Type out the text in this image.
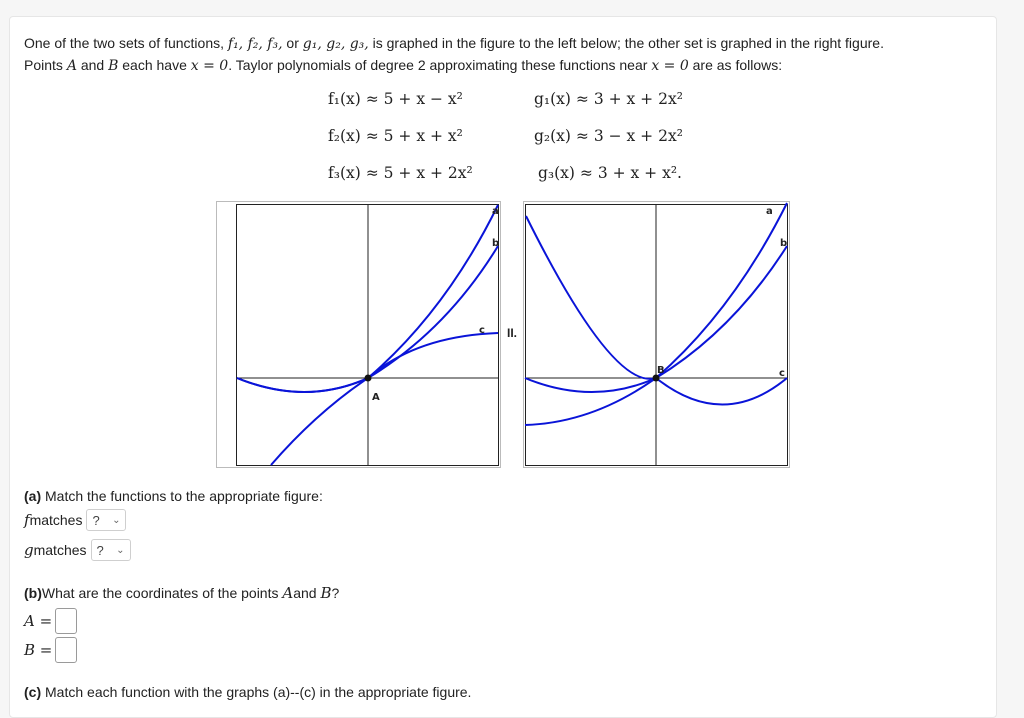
One of the two sets of functions, f₁, f₂, f₃, or g₁, g₂, g₃, is graphed in the figure to the left below; the other set is graphed in the right figure.
Points A and B each have x = 0. Taylor polynomials of degree 2 approximating these functions near x = 0 are as follows:
f₁(x) ≈ 5 + x − x²
f₂(x) ≈ 5 + x + x²
f₃(x) ≈ 5 + x + 2x²
g₁(x) ≈ 3 + x + 2x²
g₂(x) ≈ 3 − x + 2x²
g₃(x) ≈ 3 + x + x².
II.
a
b
c
A
a
b
c
B
(a) Match the functions to the appropriate figure:
f matches ? ⌄
g matches ? ⌄
(b) What are the coordinates of the points
A and
B ?
A =
B =
(c) Match each function with the graphs (a)--(c) in the appropriate figure.
